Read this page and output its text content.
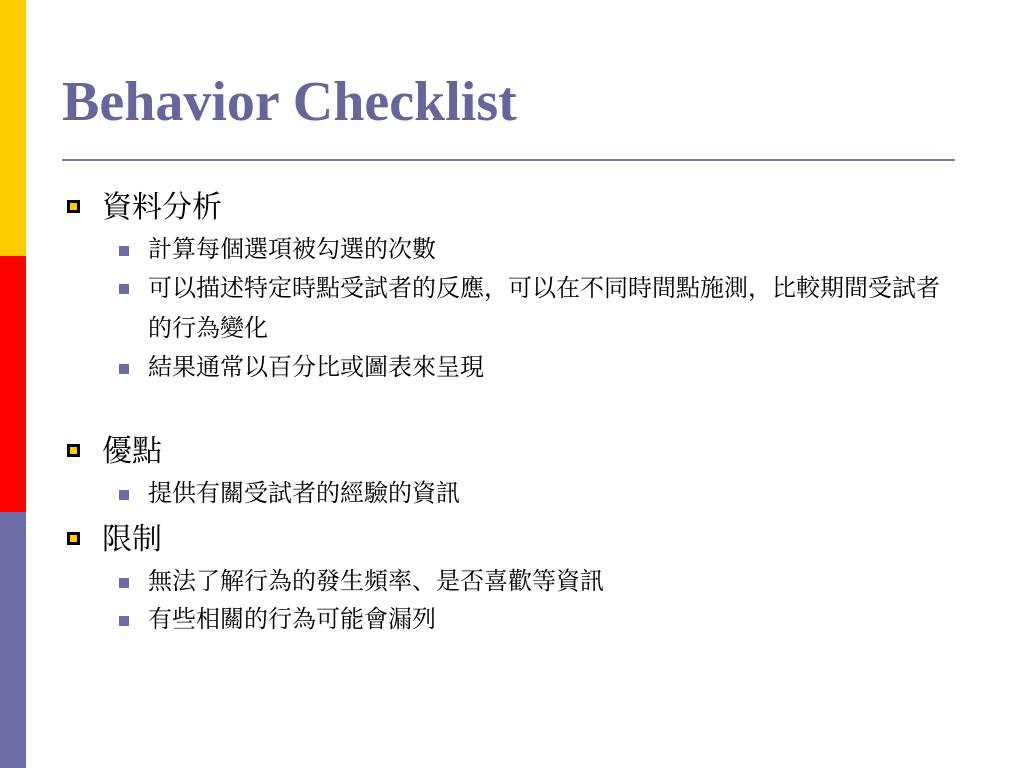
Behavior Checklist
資料分析
計算每個選項被勾選的次數
可以描述特定時點受試者的反應，可以在不同時間點施測，比較期間受試者的行為變化
結果通常以百分比或圖表來呈現
優點
提供有關受試者的經驗的資訊
限制
無法了解行為的發生頻率、是否喜歡等資訊
有些相關的行為可能會漏列
